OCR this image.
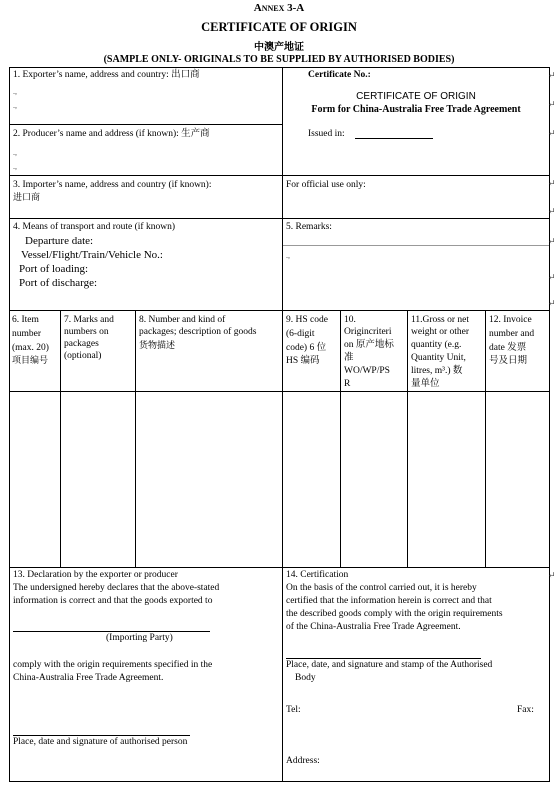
Annex 3-A
CERTIFICATE OF ORIGIN
中澳产地证
(SAMPLE ONLY- ORIGINALS TO BE SUPPLIED BY AUTHORISED BODIES)
1. Exporter’s name, address and country: 出口商
.,
.,
2. Producer’s name and address (if known): 生产商
.,
.,
Certificate No.:
CERTIFICATE OF ORIGIN
Form for China-Australia Free Trade Agreement
Issued in:
3. Importer’s name, address and country (if known):
进口商
For official use only:
4. Means of transport and route (if known)
Departure date:
Vessel/Flight/Train/Vehicle No.:
Port of loading:
Port of discharge:
5. Remarks:
.,
6. Item
number
(max. 20)
项目编号
7. Marks and
numbers on
packages
(optional)
8. Number and kind of
packages; description of goods
货物描述
9. HS code
(6-digit
code) 6 位
HS 编码
10.
Origincriteri
on 原产地标
准
WO/WP/PS
R
11.Gross or net
weight or other
quantity (e.g.
Quantity Unit,
litres, m³.) 数
量单位
12. Invoice
number and
date 发票
号及日期
13. Declaration by the exporter or producer
The undersigned hereby declares that the above-stated
information is correct and that the goods exported to
(Importing Party)
comply with the origin requirements specified in the
China-Australia Free Trade Agreement.
Place, date and signature of authorised person
14. Certification
On the basis of the control carried out, it is hereby
certified that the information herein is correct and that
the described goods comply with the origin requirements
of the China-Australia Free Trade Agreement.
Place, date, and signature and stamp of the Authorised
Body
Tel:	Fax:
Address:
↵
↵
↵
↵
↵
↵
↵
↵
↵
